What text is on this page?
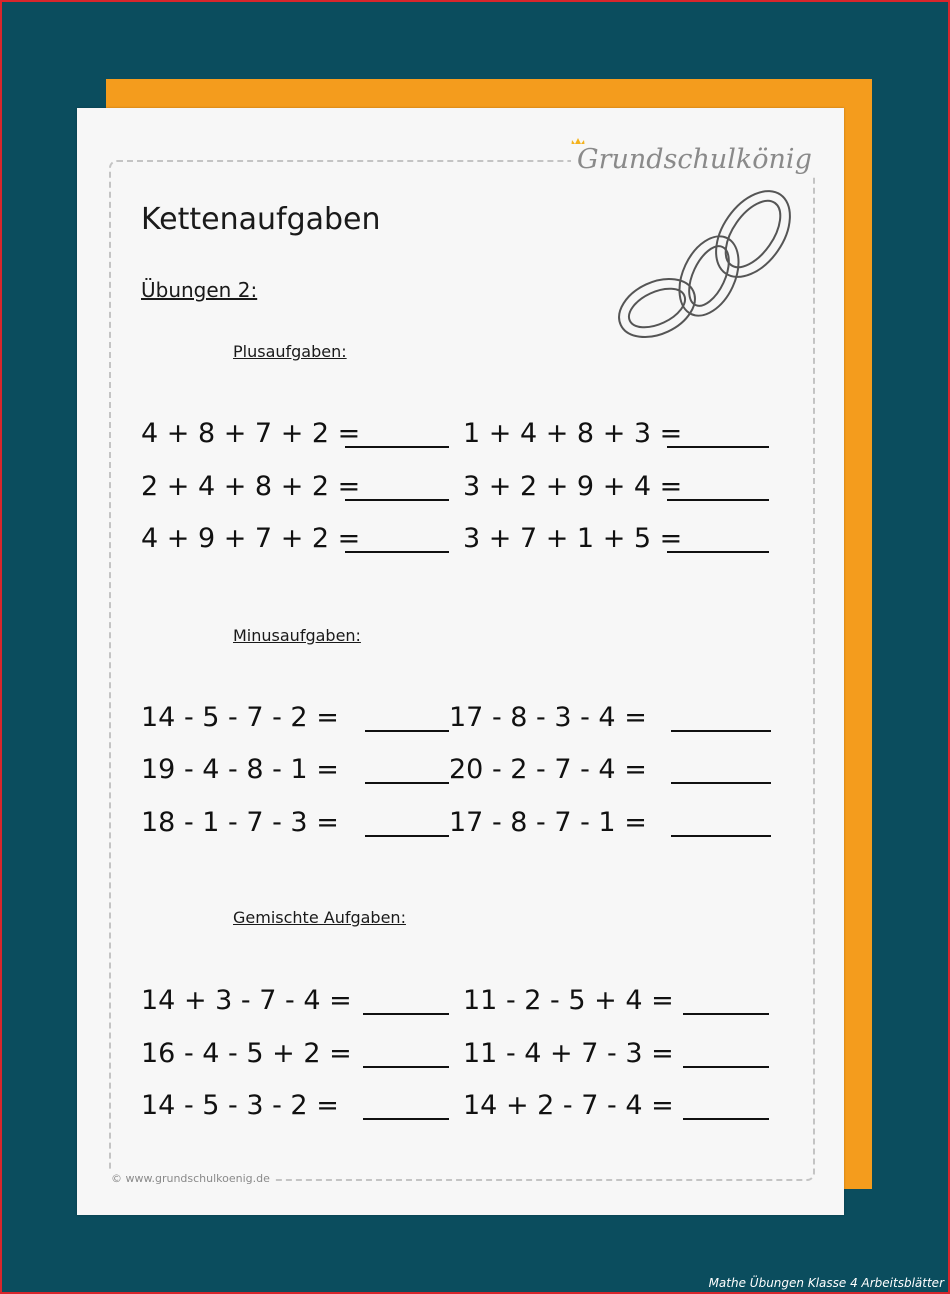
Grundschulkönig
Kettenaufgaben
Übungen 2:
Plusaufgaben:
4 + 8 + 7 + 2 =	1 + 4 + 8 + 3 =
2 + 4 + 8 + 2 =	3 + 2 + 9 + 4 =
4 + 9 + 7 + 2 =	3 + 7 + 1 + 5 =
Minusaufgaben:
14 - 5 - 7 - 2 =	17 - 8 - 3 - 4 =
19 - 4 - 8 - 1 =	20 - 2 - 7 - 4 =
18 - 1 - 7 - 3 =	17 - 8 - 7 - 1 =
Gemischte Aufgaben:
14 + 3 - 7 - 4 =	11 - 2 - 5 + 4 =
16 - 4 - 5 + 2 =	11 - 4 + 7 - 3 =
14 - 5 - 3 - 2 =	14 + 2 - 7 - 4 =
© www.grundschulkoenig.de
Mathe Übungen Klasse 4 Arbeitsblätter
